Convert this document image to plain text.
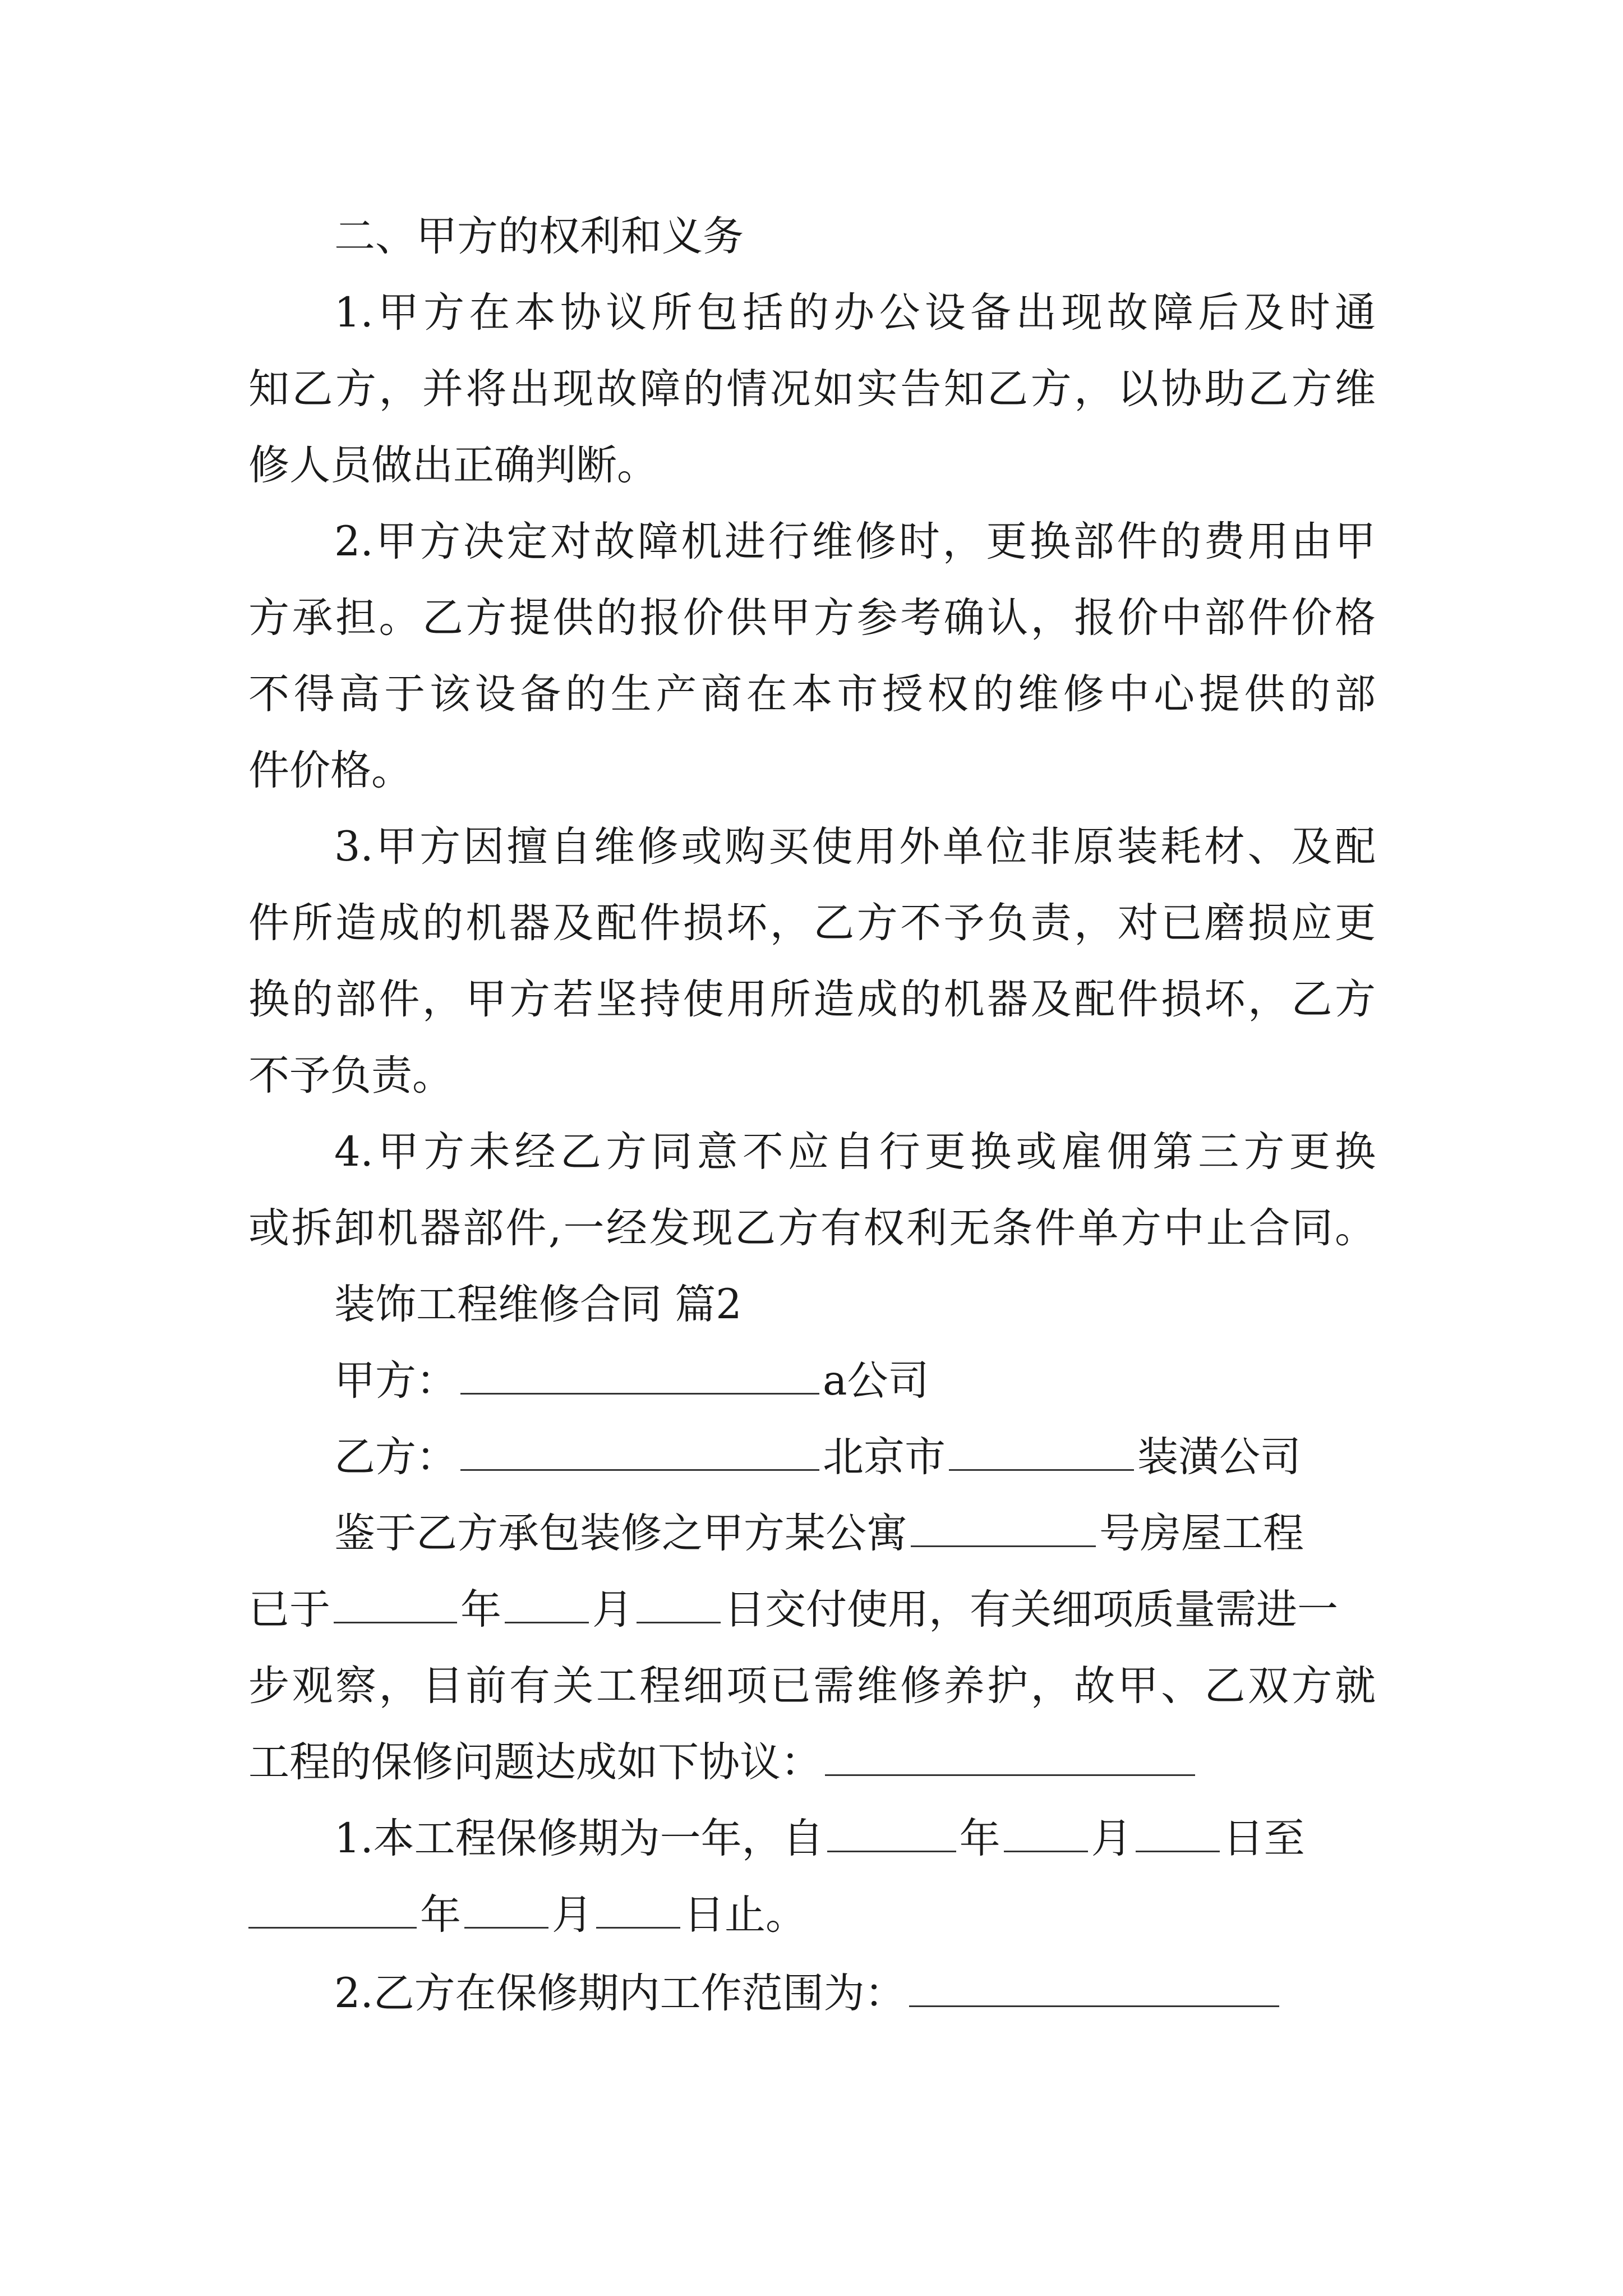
二、甲方的权利和义务
1.甲方在本协议所包括的办公设备出现故障后及时通
知乙方，并将出现故障的情况如实告知乙方，以协助乙方维
修人员做出正确判断。
2.甲方决定对故障机进行维修时，更换部件的费用由甲
方承担。乙方提供的报价供甲方参考确认，报价中部件价格
不得高于该设备的生产商在本市授权的维修中心提供的部
件价格。
3.甲方因擅自维修或购买使用外单位非原装耗材、及配
件所造成的机器及配件损坏，乙方不予负责，对已磨损应更
换的部件，甲方若坚持使用所造成的机器及配件损坏，乙方
不予负责。
4.甲方未经乙方同意不应自行更换或雇佣第三方更换
或拆卸机器部件,一经发现乙方有权利无条件单方中止合同。
装饰工程维修合同 篇2
甲方：	a公司
乙方：	北京市	装潢公司
鉴于乙方承包装修之甲方某公寓	号房屋工程
已于	年 月 日交付使用，有关细项质量需进一
步观察，目前有关工程细项已需维修养护，故甲、乙双方就
工程的保修问题达成如下协议：
1.本工程保修期为一年，自	年 月 日至
年 月 日止。
2.乙方在保修期内工作范围为：
